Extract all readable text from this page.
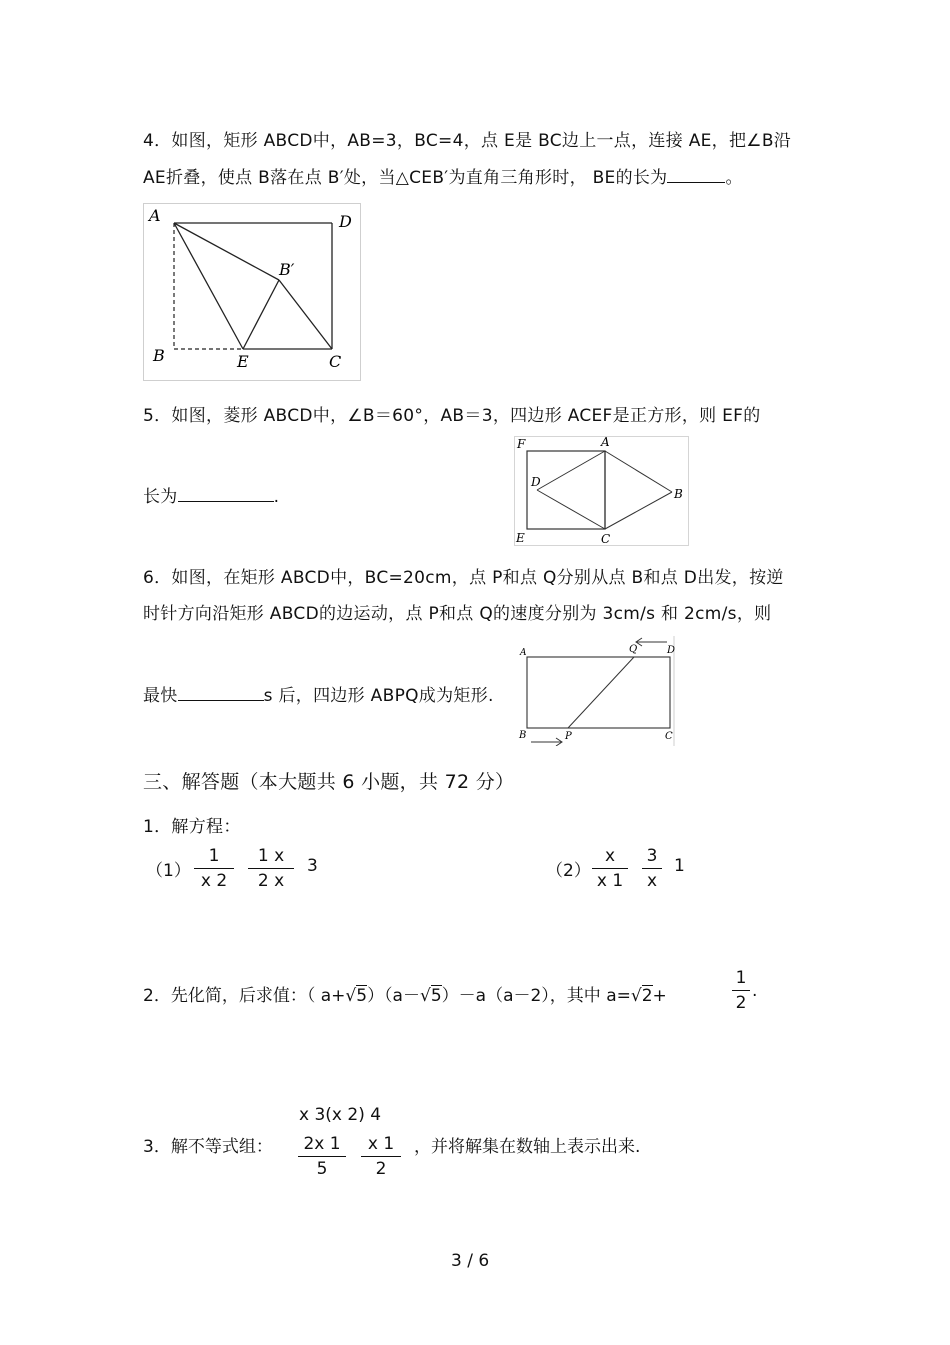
4．如图，矩形 ABCD中，AB=3，BC=4，点 E是 BC边上一点，连接 AE，把∠B沿
AE折叠，使点 B落在点 B′处，当△CEB′为直角三角形时， BE的长为	。
A	D
B′
B	E	C
5．如图，菱形 ABCD中，∠B＝60°，AB＝3，四边形 ACEF是正方形，则 EF的
长为	.
F	A
D
B
E	C
6．如图，在矩形 ABCD中，BC=20cm，点 P和点 Q分别从点 B和点 D出发，按逆
时针方向沿矩形 ABCD的边运动，点 P和点 Q的速度分别为 3cm/s 和 2cm/s，则
最快	s 后，四边形 ABPQ成为矩形.
A	Q	D
B	P	C
三、解答题（本大题共 6 小题，共 72 分）
1．解方程：
（1）
1
x 2
1 x
2 x
3	（2）
x
x 1
3
x
1
2．先化简，后求值：（ a+√5）（a－√5）－a（a－2），其中 a=√2+
1
2
.
x 3(x 2) 4
3．解不等式组：	2x 1
5
x 1
2
，并将解集在数轴上表示出来.
3 / 6
